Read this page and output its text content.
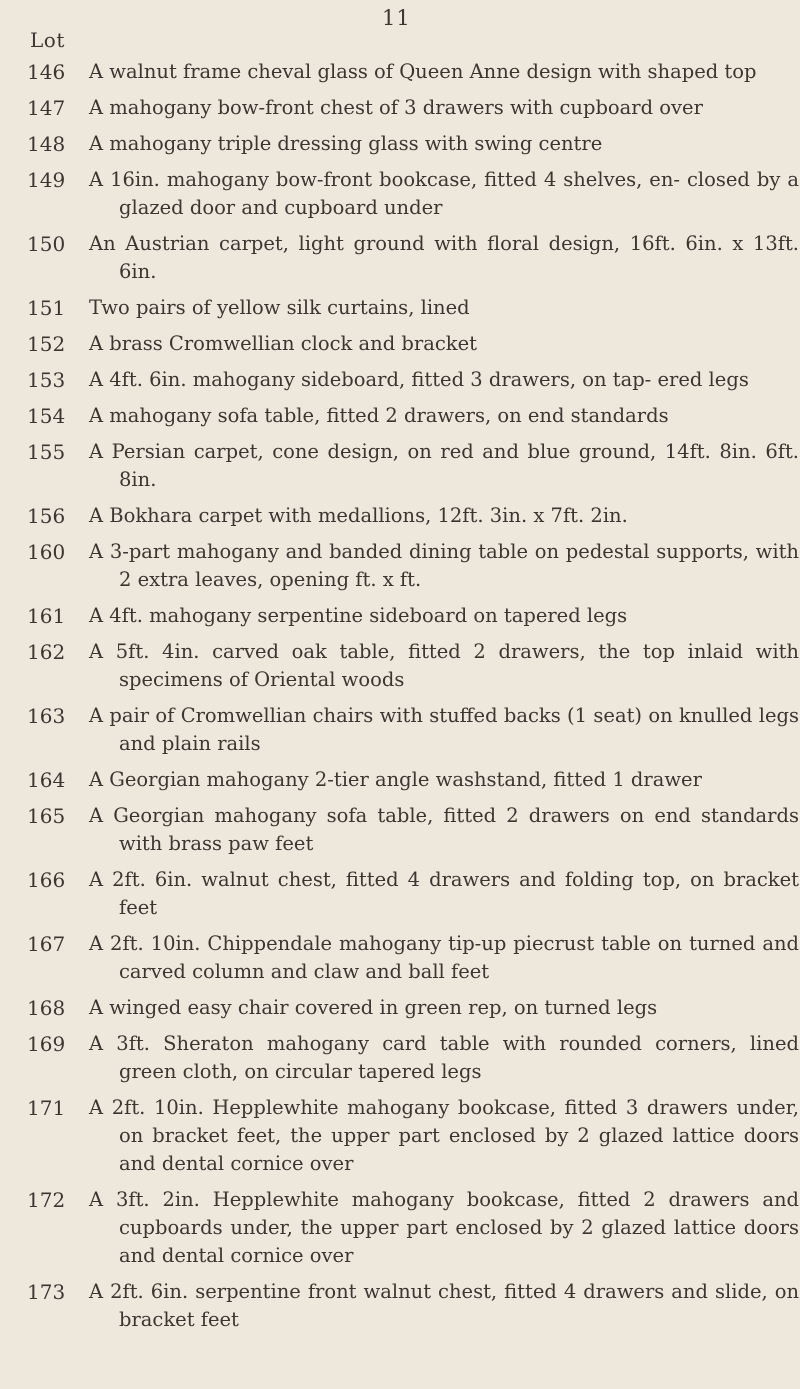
11
Lot
146	A walnut frame cheval glass of Queen Anne design with shaped top
147	A mahogany bow-front chest of 3 drawers with cupboard over
148	A mahogany triple dressing glass with swing centre
149	A 16in. mahogany bow-front bookcase, fitted 4 shelves, en- closed by a glazed door and cupboard under
150	An Austrian carpet, light ground with floral design, 16ft. 6in. x 13ft. 6in.
151	Two pairs of yellow silk curtains, lined
152	A brass Cromwellian clock and bracket
153	A 4ft. 6in. mahogany sideboard, fitted 3 drawers, on tap- ered legs
154	A mahogany sofa table, fitted 2 drawers, on end standards
155	A Persian carpet, cone design, on red and blue ground, 14ft. 8in. 6ft. 8in.
156	A Bokhara carpet with medallions, 12ft. 3in. x 7ft. 2in.
160	A 3-part mahogany and banded dining table on pedestal supports, with 2 extra leaves, opening ft. x ft.
161	A 4ft. mahogany serpentine sideboard on tapered legs
162	A 5ft. 4in. carved oak table, fitted 2 drawers, the top inlaid with specimens of Oriental woods
163	A pair of Cromwellian chairs with stuffed backs (1 seat) on knulled legs and plain rails
164	A Georgian mahogany 2-tier angle washstand, fitted 1 drawer
165	A Georgian mahogany sofa table, fitted 2 drawers on end standards with brass paw feet
166	A 2ft. 6in. walnut chest, fitted 4 drawers and folding top, on bracket feet
167	A 2ft. 10in. Chippendale mahogany tip-up piecrust table on turned and carved column and claw and ball feet
168	A winged easy chair covered in green rep, on turned legs
169	A 3ft. Sheraton mahogany card table with rounded corners, lined green cloth, on circular tapered legs
171	A 2ft. 10in. Hepplewhite mahogany bookcase, fitted 3 drawers under, on bracket feet, the upper part enclosed by 2 glazed lattice doors and dental cornice over
172	A 3ft. 2in. Hepplewhite mahogany bookcase, fitted 2 drawers and cupboards under, the upper part enclosed by 2 glazed lattice doors and dental cornice over
173	A 2ft. 6in. serpentine front walnut chest, fitted 4 drawers and slide, on bracket feet
